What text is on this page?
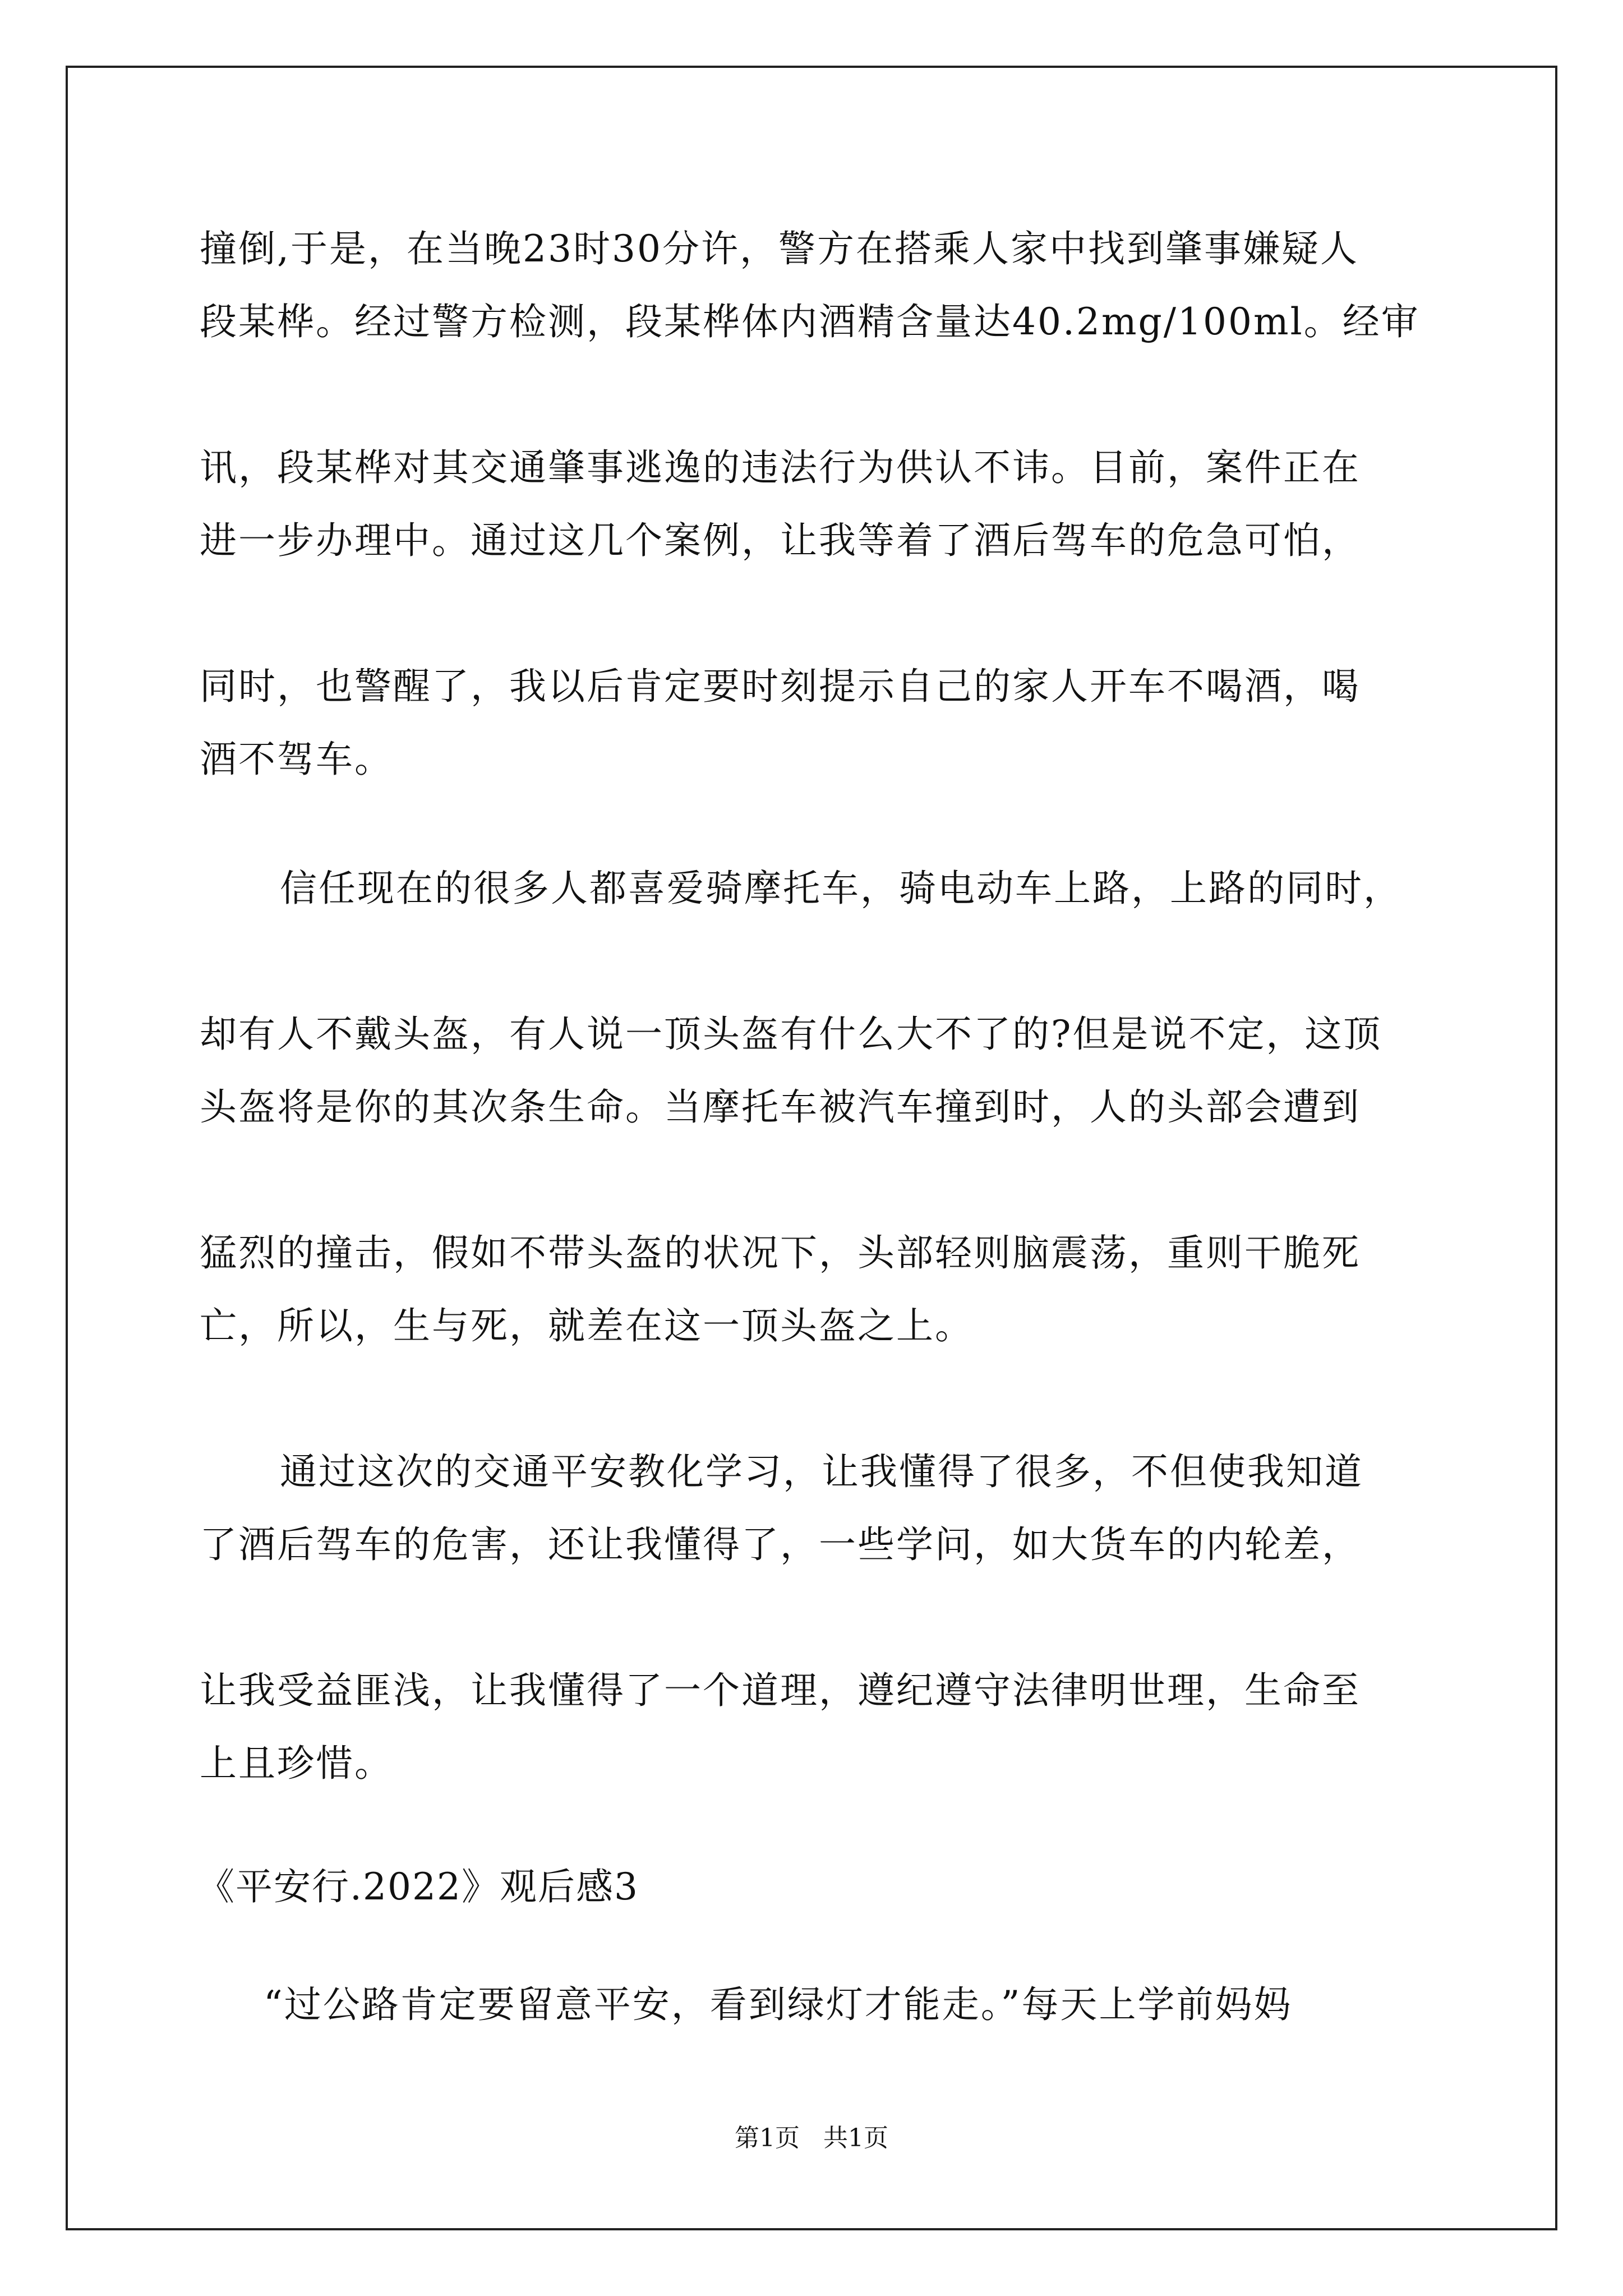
撞倒,于是，在当晚23时30分许，警方在搭乘人家中找到肇事嫌疑人
段某桦。经过警方检测，段某桦体内酒精含量达40.2mg/100ml。经审
讯，段某桦对其交通肇事逃逸的违法行为供认不讳。目前，案件正在
进一步办理中。通过这几个案例，让我等着了酒后驾车的危急可怕，
同时，也警醒了，我以后肯定要时刻提示自己的家人开车不喝酒，喝
酒不驾车。
信任现在的很多人都喜爱骑摩托车，骑电动车上路，上路的同时，
却有人不戴头盔，有人说一顶头盔有什么大不了的?但是说不定，这顶
头盔将是你的其次条生命。当摩托车被汽车撞到时，人的头部会遭到
猛烈的撞击，假如不带头盔的状况下，头部轻则脑震荡，重则干脆死
亡，所以，生与死，就差在这一顶头盔之上。
通过这次的交通平安教化学习，让我懂得了很多，不但使我知道
了酒后驾车的危害，还让我懂得了，一些学问，如大货车的内轮差，
让我受益匪浅，让我懂得了一个道理，遵纪遵守法律明世理，生命至
上且珍惜。
《平安行.2022》观后感3
“过公路肯定要留意平安，看到绿灯才能走。”每天上学前妈妈
第1页   共1页
